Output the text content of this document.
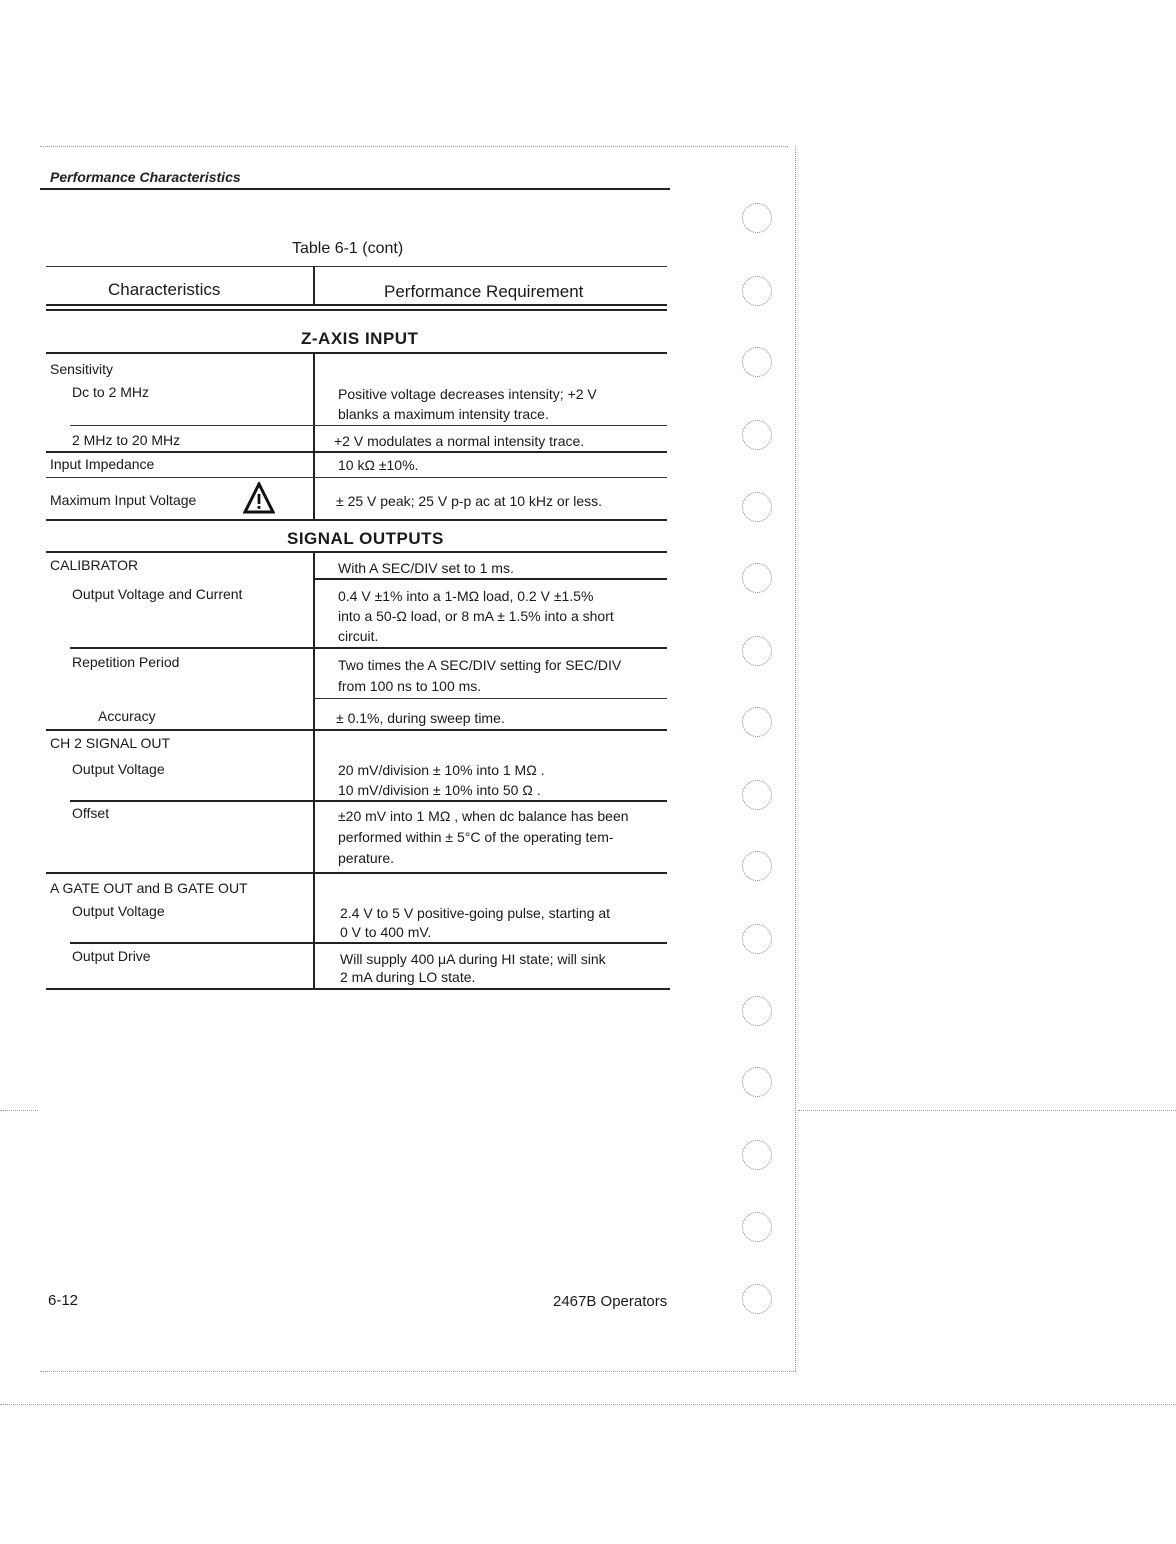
Performance Characteristics
Table 6-1 (cont)
Characteristics	Performance Requirement
Z-AXIS INPUT
Sensitivity
Dc to 2 MHz	Positive voltage decreases intensity; +2 V
blanks a maximum intensity trace.
2 MHz to 20 MHz	+2 V modulates a normal intensity trace.
Input Impedance	10 kΩ ±10%.
Maximum Input Voltage	± 25 V peak; 25 V p-p ac at 10 kHz or less.
SIGNAL OUTPUTS
CALIBRATOR	With A SEC/DIV set to 1 ms.
Output Voltage and Current	0.4 V ±1% into a 1-MΩ load, 0.2 V ±1.5%
into a 50-Ω load, or 8 mA ± 1.5% into a short
circuit.
Repetition Period	Two times the A SEC/DIV setting for SEC/DIV
from 100 ns to 100 ms.
Accuracy	± 0.1%, during sweep time.
CH 2 SIGNAL OUT
Output Voltage	20 mV/division ± 10% into 1 MΩ .
10 mV/division ± 10% into 50 Ω .
Offset	±20 mV into 1 MΩ , when dc balance has been
performed within ± 5°C of the operating tem-
perature.
A GATE OUT and B GATE OUT
Output Voltage	2.4 V to 5 V positive-going pulse, starting at
0 V to 400 mV.
Output Drive	Will supply 400 μA during HI state; will sink
2 mA during LO state.
6-12	2467B Operators
